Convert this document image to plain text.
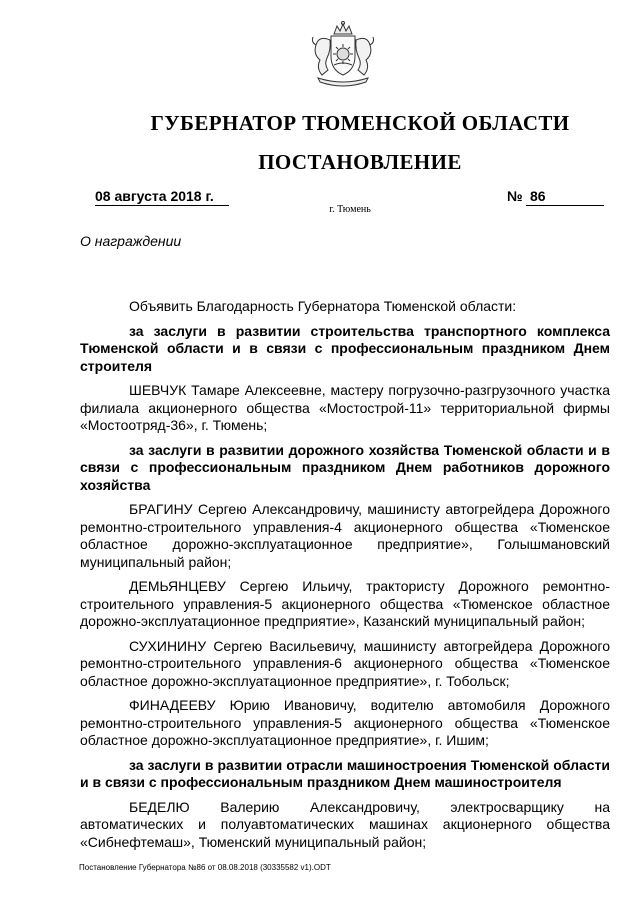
ГУБЕРНАТОР ТЮМЕНСКОЙ ОБЛАСТИ
ПОСТАНОВЛЕНИЕ
08 августа 2018 г.	№ 86
г. Тюмень
О награждении

Объявить Благодарность Губернатора Тюменской области:

за заслуги в развитии строительства транспортного комплекса Тюменской области и в связи с профессиональным праздником Днем строителя

ШЕВЧУК Тамаре Алексеевне, мастеру погрузочно-разгрузочного участка филиала акционерного общества «Мостострой-11» территориальной фирмы «Мостоотряд-36», г. Тюмень;

за заслуги в развитии дорожного хозяйства Тюменской области и в связи с профессиональным праздником Днем работников дорожного хозяйства

БРАГИНУ Сергею Александровичу, машинисту автогрейдера Дорожного ремонтно-строительного управления-4 акционерного общества «Тюменское областное дорожно-эксплуатационное предприятие», Голышмановский муниципальный район;

ДЕМЬЯНЦЕВУ Сергею Ильичу, трактористу Дорожного ремонтно-строительного управления-5 акционерного общества «Тюменское областное дорожно-эксплуатационное предприятие», Казанский муниципальный район;

СУХИНИНУ Сергею Васильевичу, машинисту автогрейдера Дорожного ремонтно-строительного управления-6 акционерного общества «Тюменское областное дорожно-эксплуатационное предприятие», г. Тобольск;

ФИНАДЕЕВУ Юрию Ивановичу, водителю автомобиля Дорожного ремонтно-строительного управления-5 акционерного общества «Тюменское областное дорожно-эксплуатационное предприятие», г. Ишим;

за заслуги в развитии отрасли машиностроения Тюменской области и в связи с профессиональным праздником Днем машиностроителя

БЕДЕЛЮ Валерию Александровичу, электросварщику на автоматических и полуавтоматических машинах акционерного общества «Сибнефтемаш», Тюменский муниципальный район;

Постановление Губернатора №86 от 08.08.2018 (30335582 v1).ODT
